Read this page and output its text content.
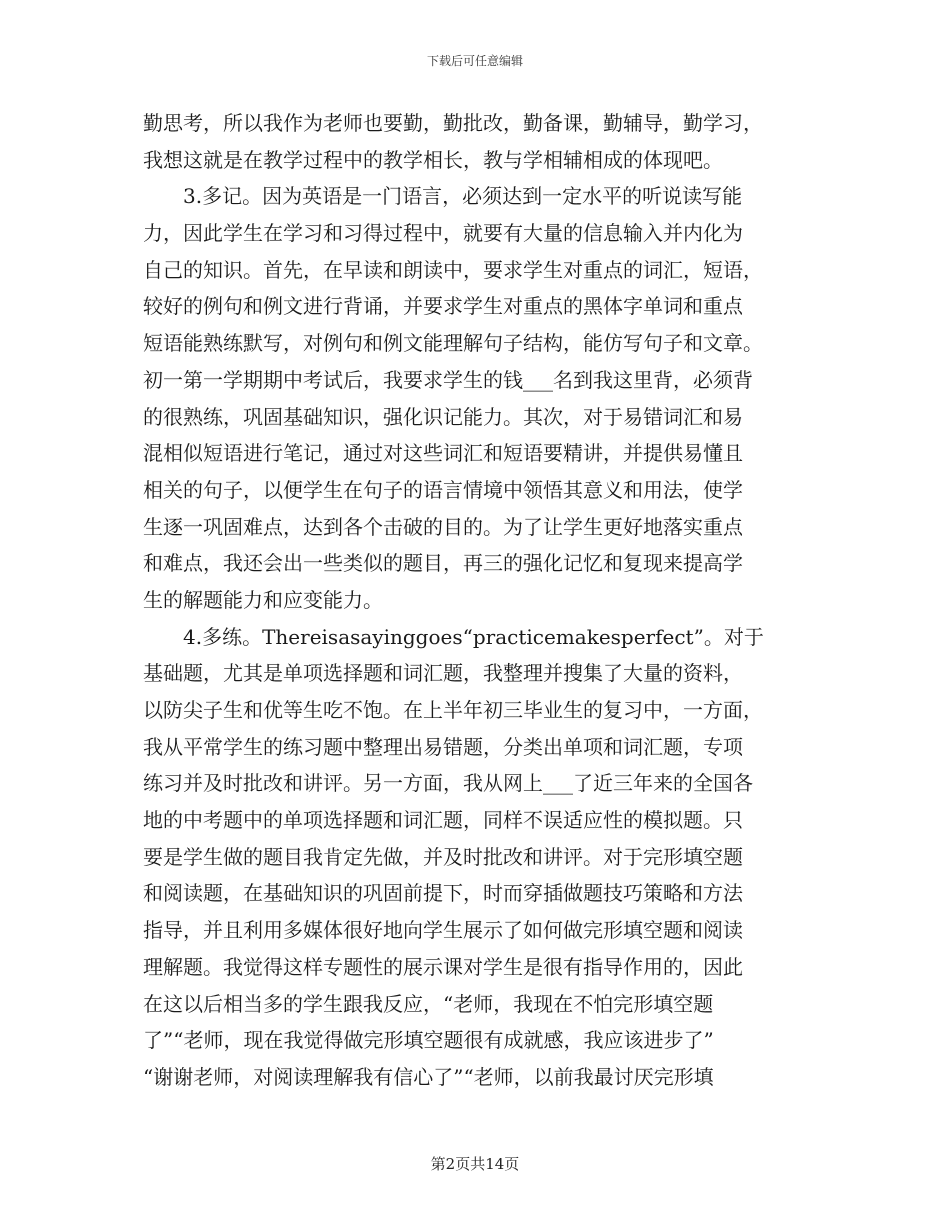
下载后可任意编辑
勤思考，所以我作为老师也要勤，勤批改，勤备课，勤辅导，勤学习，
我想这就是在教学过程中的教学相长，教与学相辅相成的体现吧。
3.多记。因为英语是一门语言，必须达到一定水平的听说读写能
力，因此学生在学习和习得过程中，就要有大量的信息输入并内化为
自己的知识。首先，在早读和朗读中，要求学生对重点的词汇，短语，
较好的例句和例文进行背诵，并要求学生对重点的黑体字单词和重点
短语能熟练默写，对例句和例文能理解句子结构，能仿写句子和文章。
初一第一学期期中考试后，我要求学生的钱___名到我这里背，必须背
的很熟练，巩固基础知识，强化识记能力。其次，对于易错词汇和易
混相似短语进行笔记，通过对这些词汇和短语要精讲，并提供易懂且
相关的句子，以便学生在句子的语言情境中领悟其意义和用法，使学
生逐一巩固难点，达到各个击破的目的。为了让学生更好地落实重点
和难点，我还会出一些类似的题目，再三的强化记忆和复现来提高学
生的解题能力和应变能力。
4.多练。Thereisasayinggoes“practicemakesperfect”。对于
基础题，尤其是单项选择题和词汇题，我整理并搜集了大量的资料，
以防尖子生和优等生吃不饱。在上半年初三毕业生的复习中，一方面，
我从平常学生的练习题中整理出易错题，分类出单项和词汇题，专项
练习并及时批改和讲评。另一方面，我从网上___了近三年来的全国各
地的中考题中的单项选择题和词汇题，同样不误适应性的模拟题。只
要是学生做的题目我肯定先做，并及时批改和讲评。对于完形填空题
和阅读题，在基础知识的巩固前提下，时而穿插做题技巧策略和方法
指导，并且利用多媒体很好地向学生展示了如何做完形填空题和阅读
理解题。我觉得这样专题性的展示课对学生是很有指导作用的，因此
在这以后相当多的学生跟我反应，“老师，我现在不怕完形填空题
了”“老师，现在我觉得做完形填空题很有成就感，我应该进步了”
“谢谢老师，对阅读理解我有信心了”“老师，以前我最讨厌完形填
第2页共14页
